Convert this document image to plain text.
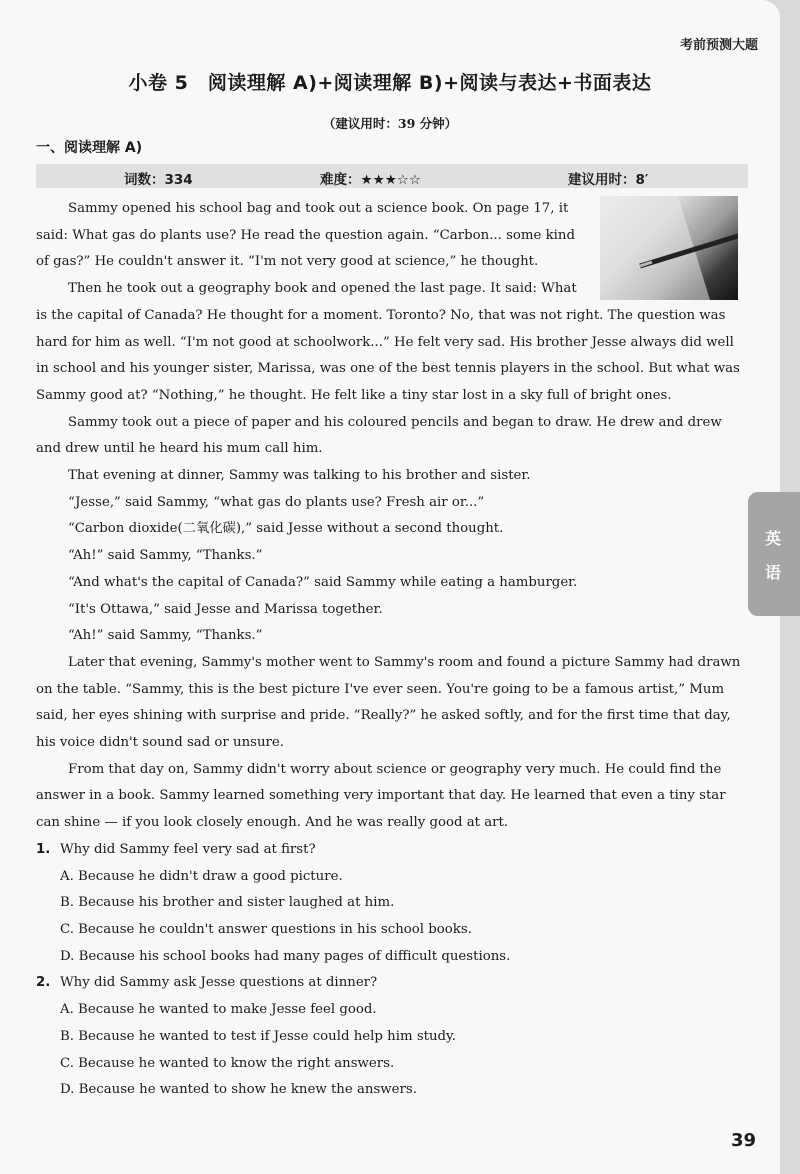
考前预测大题
小卷 5　阅读理解 A)+阅读理解 B)+阅读与表达+书面表达
（建议用时：39 分钟）
一、阅读理解 A)
词数：334	难度：★★★☆☆	建议用时：8′

Sammy opened his school bag and took out a science book. On page 17, it said: What gas do plants use? He read the question again. “Carbon... some kind of gas?” He couldn't answer it. “I'm not very good at science,” he thought.

Then he took out a geography book and opened the last page. It said: What is the capital of Canada? He thought for a moment. Toronto? No, that was not right. The question was hard for him as well. “I'm not good at schoolwork...” He felt very sad. His brother Jesse always did well in school and his younger sister, Marissa, was one of the best tennis players in the school. But what was Sammy good at? “Nothing,” he thought. He felt like a tiny star lost in a sky full of bright ones.

Sammy took out a piece of paper and his coloured pencils and began to draw. He drew and drew and drew until he heard his mum call him.

That evening at dinner, Sammy was talking to his brother and sister.

“Jesse,” said Sammy, “what gas do plants use? Fresh air or...”

“Carbon dioxide(二氧化碳),” said Jesse without a second thought.

“Ah!” said Sammy, “Thanks.”

“And what's the capital of Canada?” said Sammy while eating a hamburger.

“It's Ottawa,” said Jesse and Marissa together.

“Ah!” said Sammy, “Thanks.”

Later that evening, Sammy's mother went to Sammy's room and found a picture Sammy had drawn on the table. “Sammy, this is the best picture I've ever seen. You're going to be a famous artist,” Mum said, her eyes shining with surprise and pride. “Really?” he asked softly, and for the first time that day, his voice didn't sound sad or unsure.

From that day on, Sammy didn't worry about science or geography very much. He could find the answer in a book. Sammy learned something very important that day. He learned that even a tiny star can shine — if you look closely enough. And he was really good at art.

1. Why did Sammy feel very sad at first?

A. Because he didn't draw a good picture.

B. Because his brother and sister laughed at him.

C. Because he couldn't answer questions in his school books.

D. Because his school books had many pages of difficult questions.

2. Why did Sammy ask Jesse questions at dinner?

A. Because he wanted to make Jesse feel good.

B. Because he wanted to test if Jesse could help him study.

C. Because he wanted to know the right answers.

D. Because he wanted to show he knew the answers.

39
英
语
